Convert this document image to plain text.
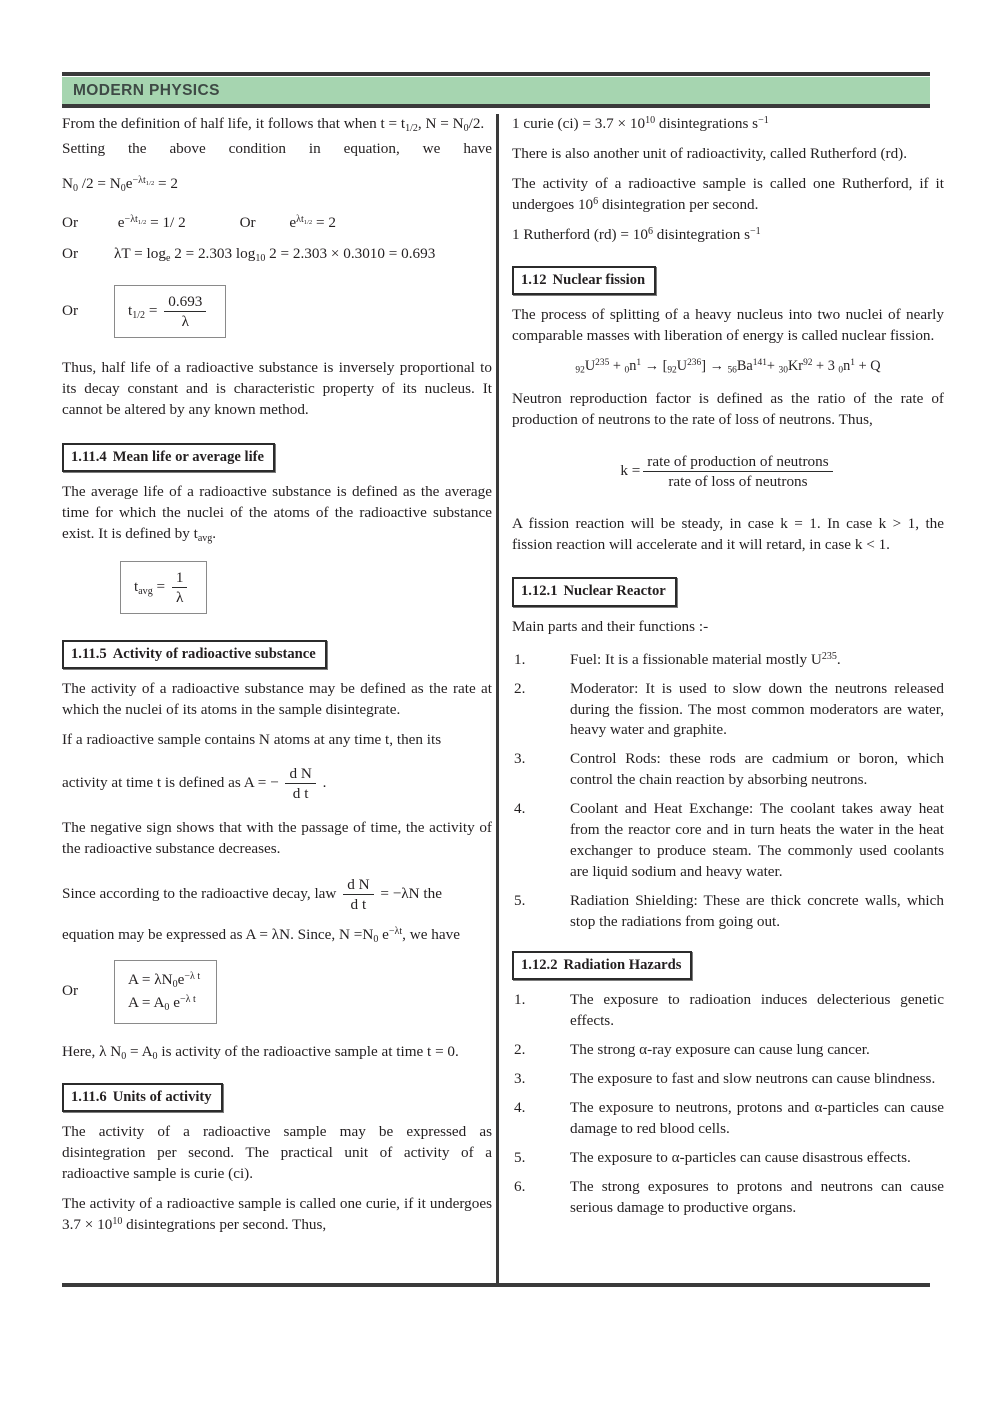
MODERN PHYSICS

From the definition of half life, it follows that when $t = t_{1/2}$, $N = N_0/2$.

Setting the above condition in equation, we have

$N_0$ $/2 = N_0e^{-\lambda t_{1/2}} = 2$
Or	$e^{-\lambda t_{1/2}} = 1/$ 2	Or $e^{\lambda t_{1/2}} = 2$
Or $\lambda T = \log_e 2 = 2.303$ $\log_{10} 2 = 2.303 \times 0.3010 = 0.693$
Or	$t_{1/2} = \frac{0.693}{\lambda}$

Thus, half life of a radioactive substance is inversely proportional to its decay constant and is characteristic property of its nucleus. It cannot be altered by any known method.

1.11.4 Mean life or average life

The average life of a radioactive substance is defined as the average time for which the nuclei of the atoms of the radioactive substance exist. It is defined by $t_{avg}$.

$t_{avg} = \frac{1}{\lambda}$
1.11.5 Activity of radioactive substance

The activity of a radioactive substance may be defined as the rate at which the nuclei of its atoms in the sample disintegrate.

If a radioactive sample contains N atoms at any time t, then its

activity at time t is defined as A = − $\frac{\text{d N}}{\text{d t}}$ .

The negative sign shows that with the passage of time, the activity of the radioactive substance decreases.

Since according to the radioactive decay, law $\frac{\text{d N}}{\text{d t}} = -\lambda N$ the

equation may be expressed as A = λN. Since, $N =N_0$ $e^{-\lambda t}$, we have

Or
$A = \lambda N_0e^{-\lambda t}$
$A = A_0$ $e^{-\lambda t}$

Here, λ $N_0 = A_0$ is activity of the radioactive sample at time t = 0.

1.11.6 Units of activity

The activity of a radioactive sample may be expressed as disintegration per second. The practical unit of activity of a radioactive sample is curie (ci).

The activity of a radioactive sample is called one curie, if it undergoes $3.7 \times 10^{10}$ disintegrations per second. Thus,

1 curie $(ci) = 3.7 \times 10^{10}$ disintegrations $s^{-1}$

There is also another unit of radioactivity, called Rutherford (rd).

The activity of a radioactive sample is called one Rutherford, if it undergoes $10^6$ disintegration per second.

1 Rutherford $(rd) = 10^6$ disintegration $s^{-1}$

1.12 Nuclear fission

The process of splitting of a heavy nucleus into two nuclei of nearly comparable masses with liberation of energy is called nuclear fission.

$92U^{235} + 0n^1 \to [92U^{236}] \to 56Ba^{141}+ 30Kr^{92} + 3$ $0n^1 + Q$

Neutron reproduction factor is defined as the ratio of the rate of production of neutrons to the rate of loss of neutrons. Thus,

$k = \frac{\text{rate of production of neutrons}}{\text{rate of loss of neutrons}}$

A fission reaction will be steady, in case k = 1. In case k > 1, the fission reaction will accelerate and it will retard, in case k < 1.

1.12.1 Nuclear Reactor

Main parts and their functions :-

1.	Fuel: It is a fissionable material mostly $U^{235}$.
2.	Moderator: It is used to slow down the neutrons released during the fission. The most common moderators are water, heavy water and graphite.
3.	Control Rods: these rods are cadmium or boron, which control the chain reaction by absorbing neutrons.
4.	Coolant and Heat Exchange: The coolant takes away heat from the reactor core and in turn heats the water in the heat exchanger to produce steam. The commonly used coolants are liquid sodium and heavy water.
5.	Radiation Shielding: These are thick concrete walls, which stop the radiations from going out.
1.12.2 Radiation Hazards
1.	The exposure to radioation induces delecterious genetic effects.
2.	The strong α-ray exposure can cause lung cancer.
3.	The exposure to fast and slow neutrons can cause blindness.
4.	The exposure to neutrons, protons and α-particles can cause damage to red blood cells.
5.	The exposure to α-particles can cause disastrous effects.
6.	The strong exposures to protons and neutrons can cause serious damage to productive organs.
